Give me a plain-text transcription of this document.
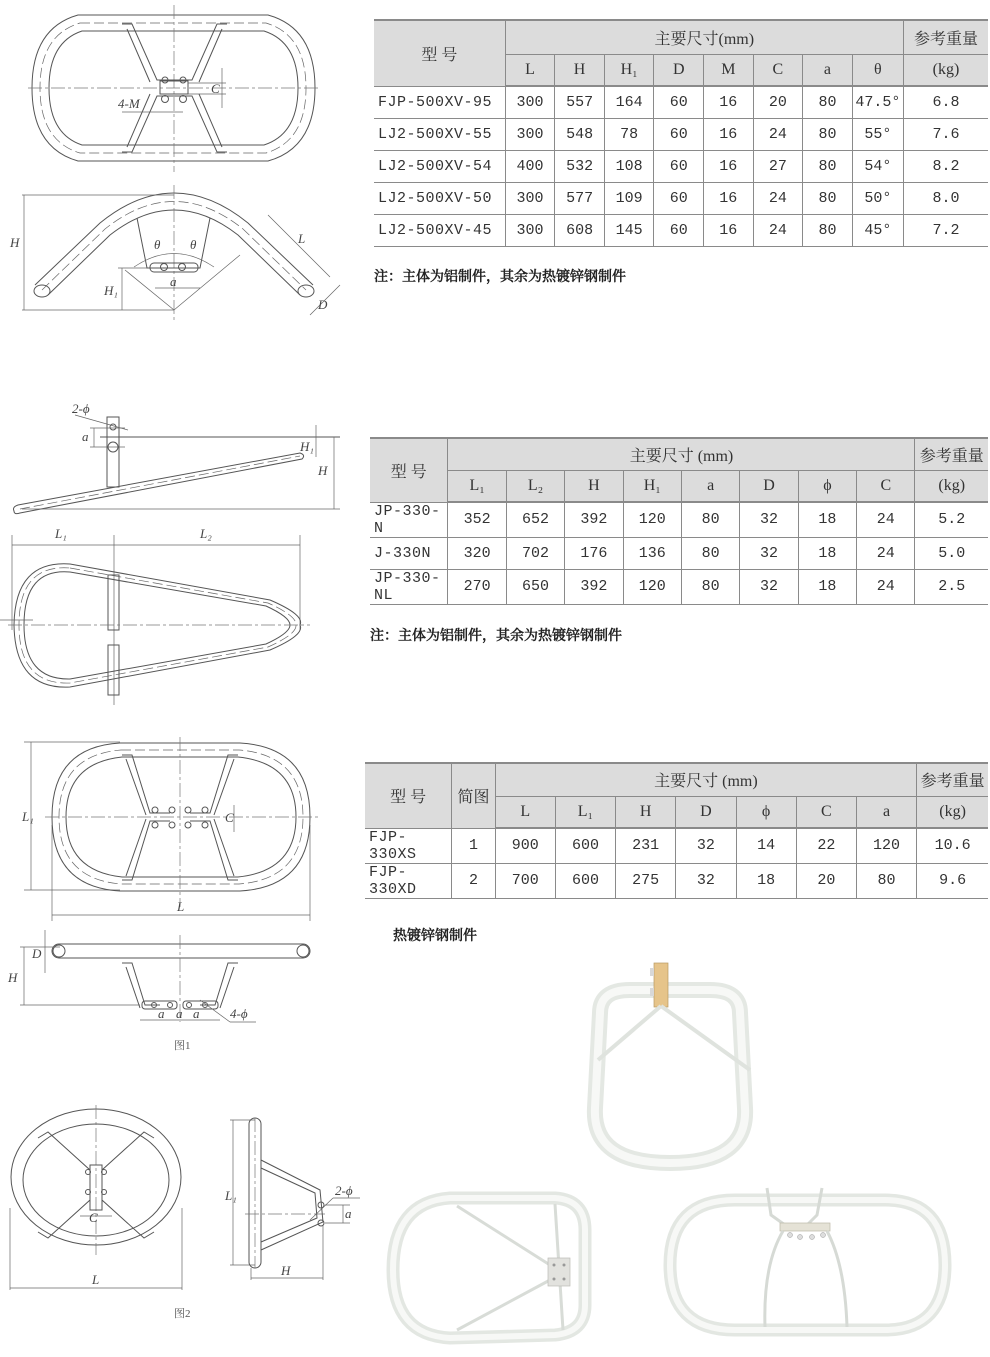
4-M
C
H
H₁
θ θ
a
L
D
型 号	主要尺寸(mm)								参考重量
	L	H	H₁	D	M	C	a	θ	(kg)
FJP-500XV-95	300	557	164	60	16	20	80	47.5°	6.8
LJ2-500XV-55	300	548	78	60	16	24	80	55°	7.6
LJ2-500XV-54	400	532	108	60	16	27	80	54°	8.2
LJ2-500XV-50	300	577	109	60	16	24	80	50°	8.0
LJ2-500XV-45	300	608	145	60	16	24	80	45°	7.2
注：主体为铝制件，其余为热镀锌钢制件
2-ϕ
a
H₁
H
L₁	L₂
型 号	主要尺寸 (mm)								参考重量
	L₁	L₂	H	H₁	a	D	ϕ	C	(kg)
JP-330-N	352	652	392	120	80	32	18	24	5.2
J-330N	320	702	176	136	80	32	18	24	5.0
JP-330-NL	270	650	392	120	80	32	18	24	2.5
注：主体为铝制件，其余为热镀锌钢制件
L₁
L
C
H
D
a a a 4-ϕ
图1
型 号	简图	主要尺寸 (mm)							参考重量
		L	L₁	H	D	ϕ	C	a	(kg)
FJP-330XS	1	900	600	231	32	14	22	120	10.6
FJP-330XD	2	700	600	275	32	18	20	80	9.6
热镀锌钢制件
C
L
L₁
H
2-ϕ
a
图2
